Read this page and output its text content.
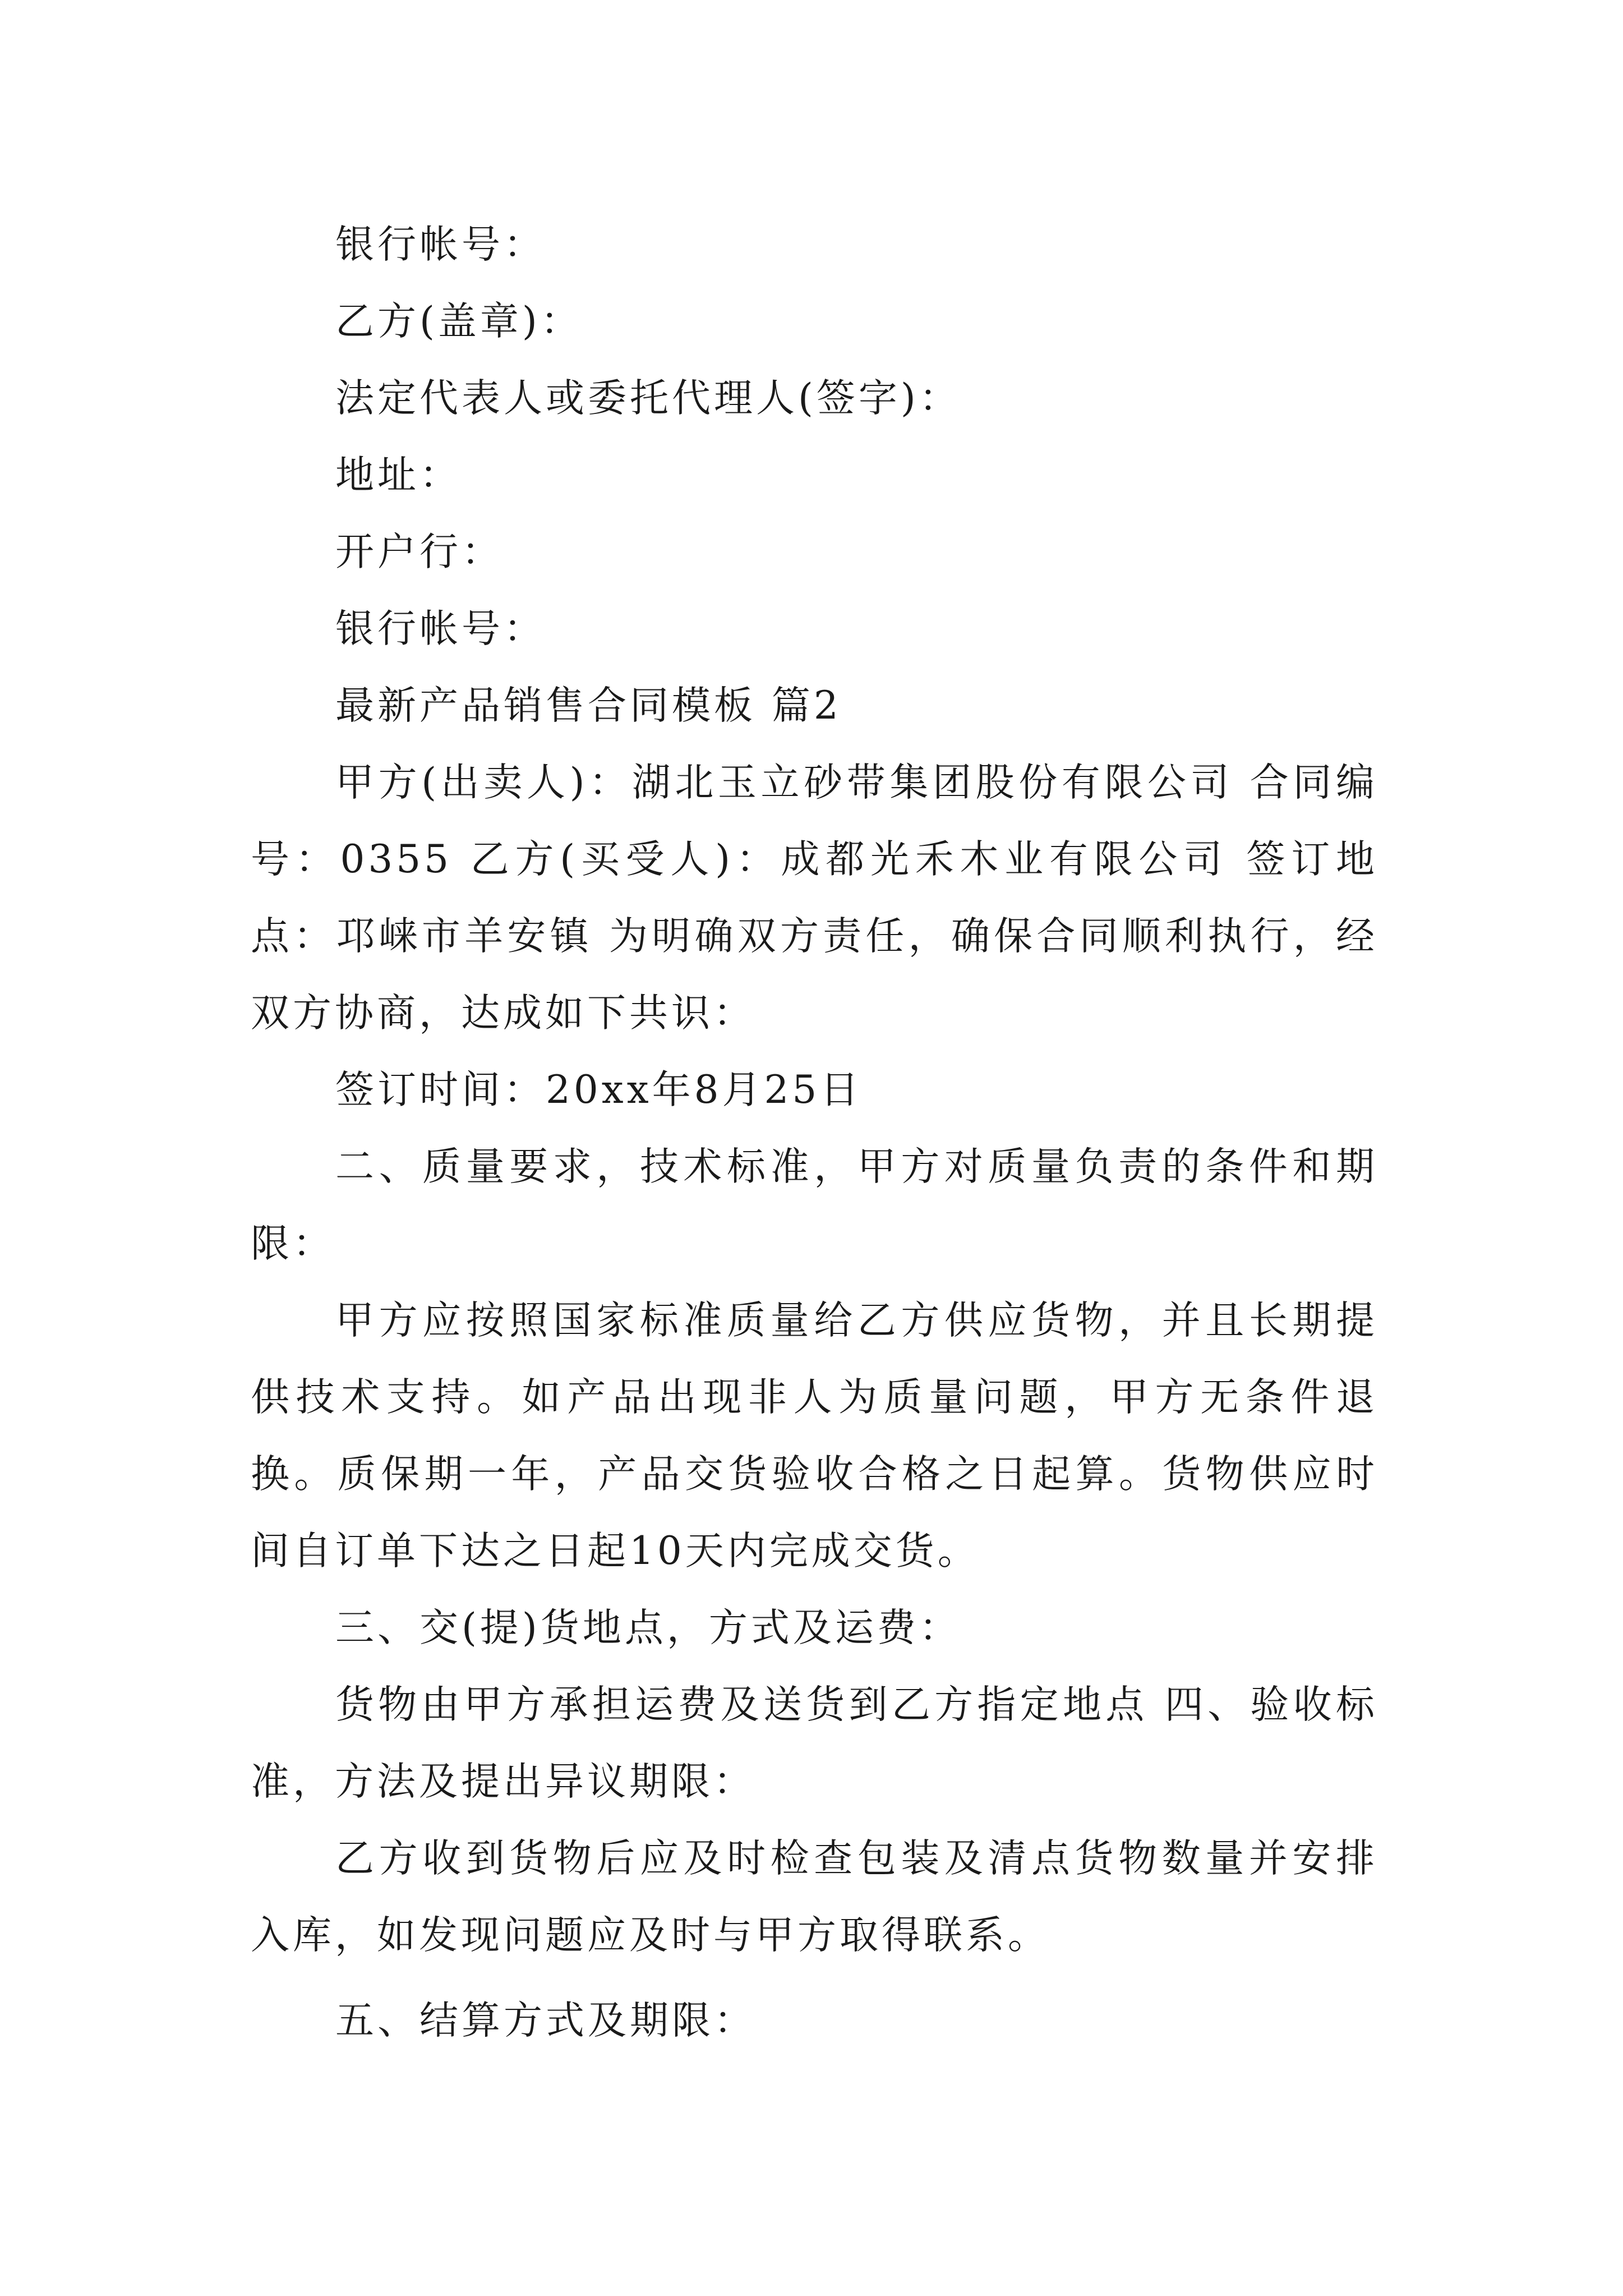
银行帐号：

乙方(盖章)：

法定代表人或委托代理人(签字)：

地址：

开户行：

银行帐号：

最新产品销售合同模板 篇2

甲方(出卖人)：湖北玉立砂带集团股份有限公司 合同编号：0355 乙方(买受人)：成都光禾木业有限公司 签订地点：邛崃市羊安镇 为明确双方责任，确保合同顺利执行，经双方协商，达成如下共识：

签订时间：20xx年8月25日

二、质量要求，技术标准，甲方对质量负责的条件和期限：

甲方应按照国家标准质量给乙方供应货物，并且长期提供技术支持。如产品出现非人为质量问题，甲方无条件退换。质保期一年，产品交货验收合格之日起算。货物供应时间自订单下达之日起10天内完成交货。

三、交(提)货地点，方式及运费：

货物由甲方承担运费及送货到乙方指定地点 四、验收标准，方法及提出异议期限：

乙方收到货物后应及时检查包装及清点货物数量并安排入库，如发现问题应及时与甲方取得联系。

五、结算方式及期限：
